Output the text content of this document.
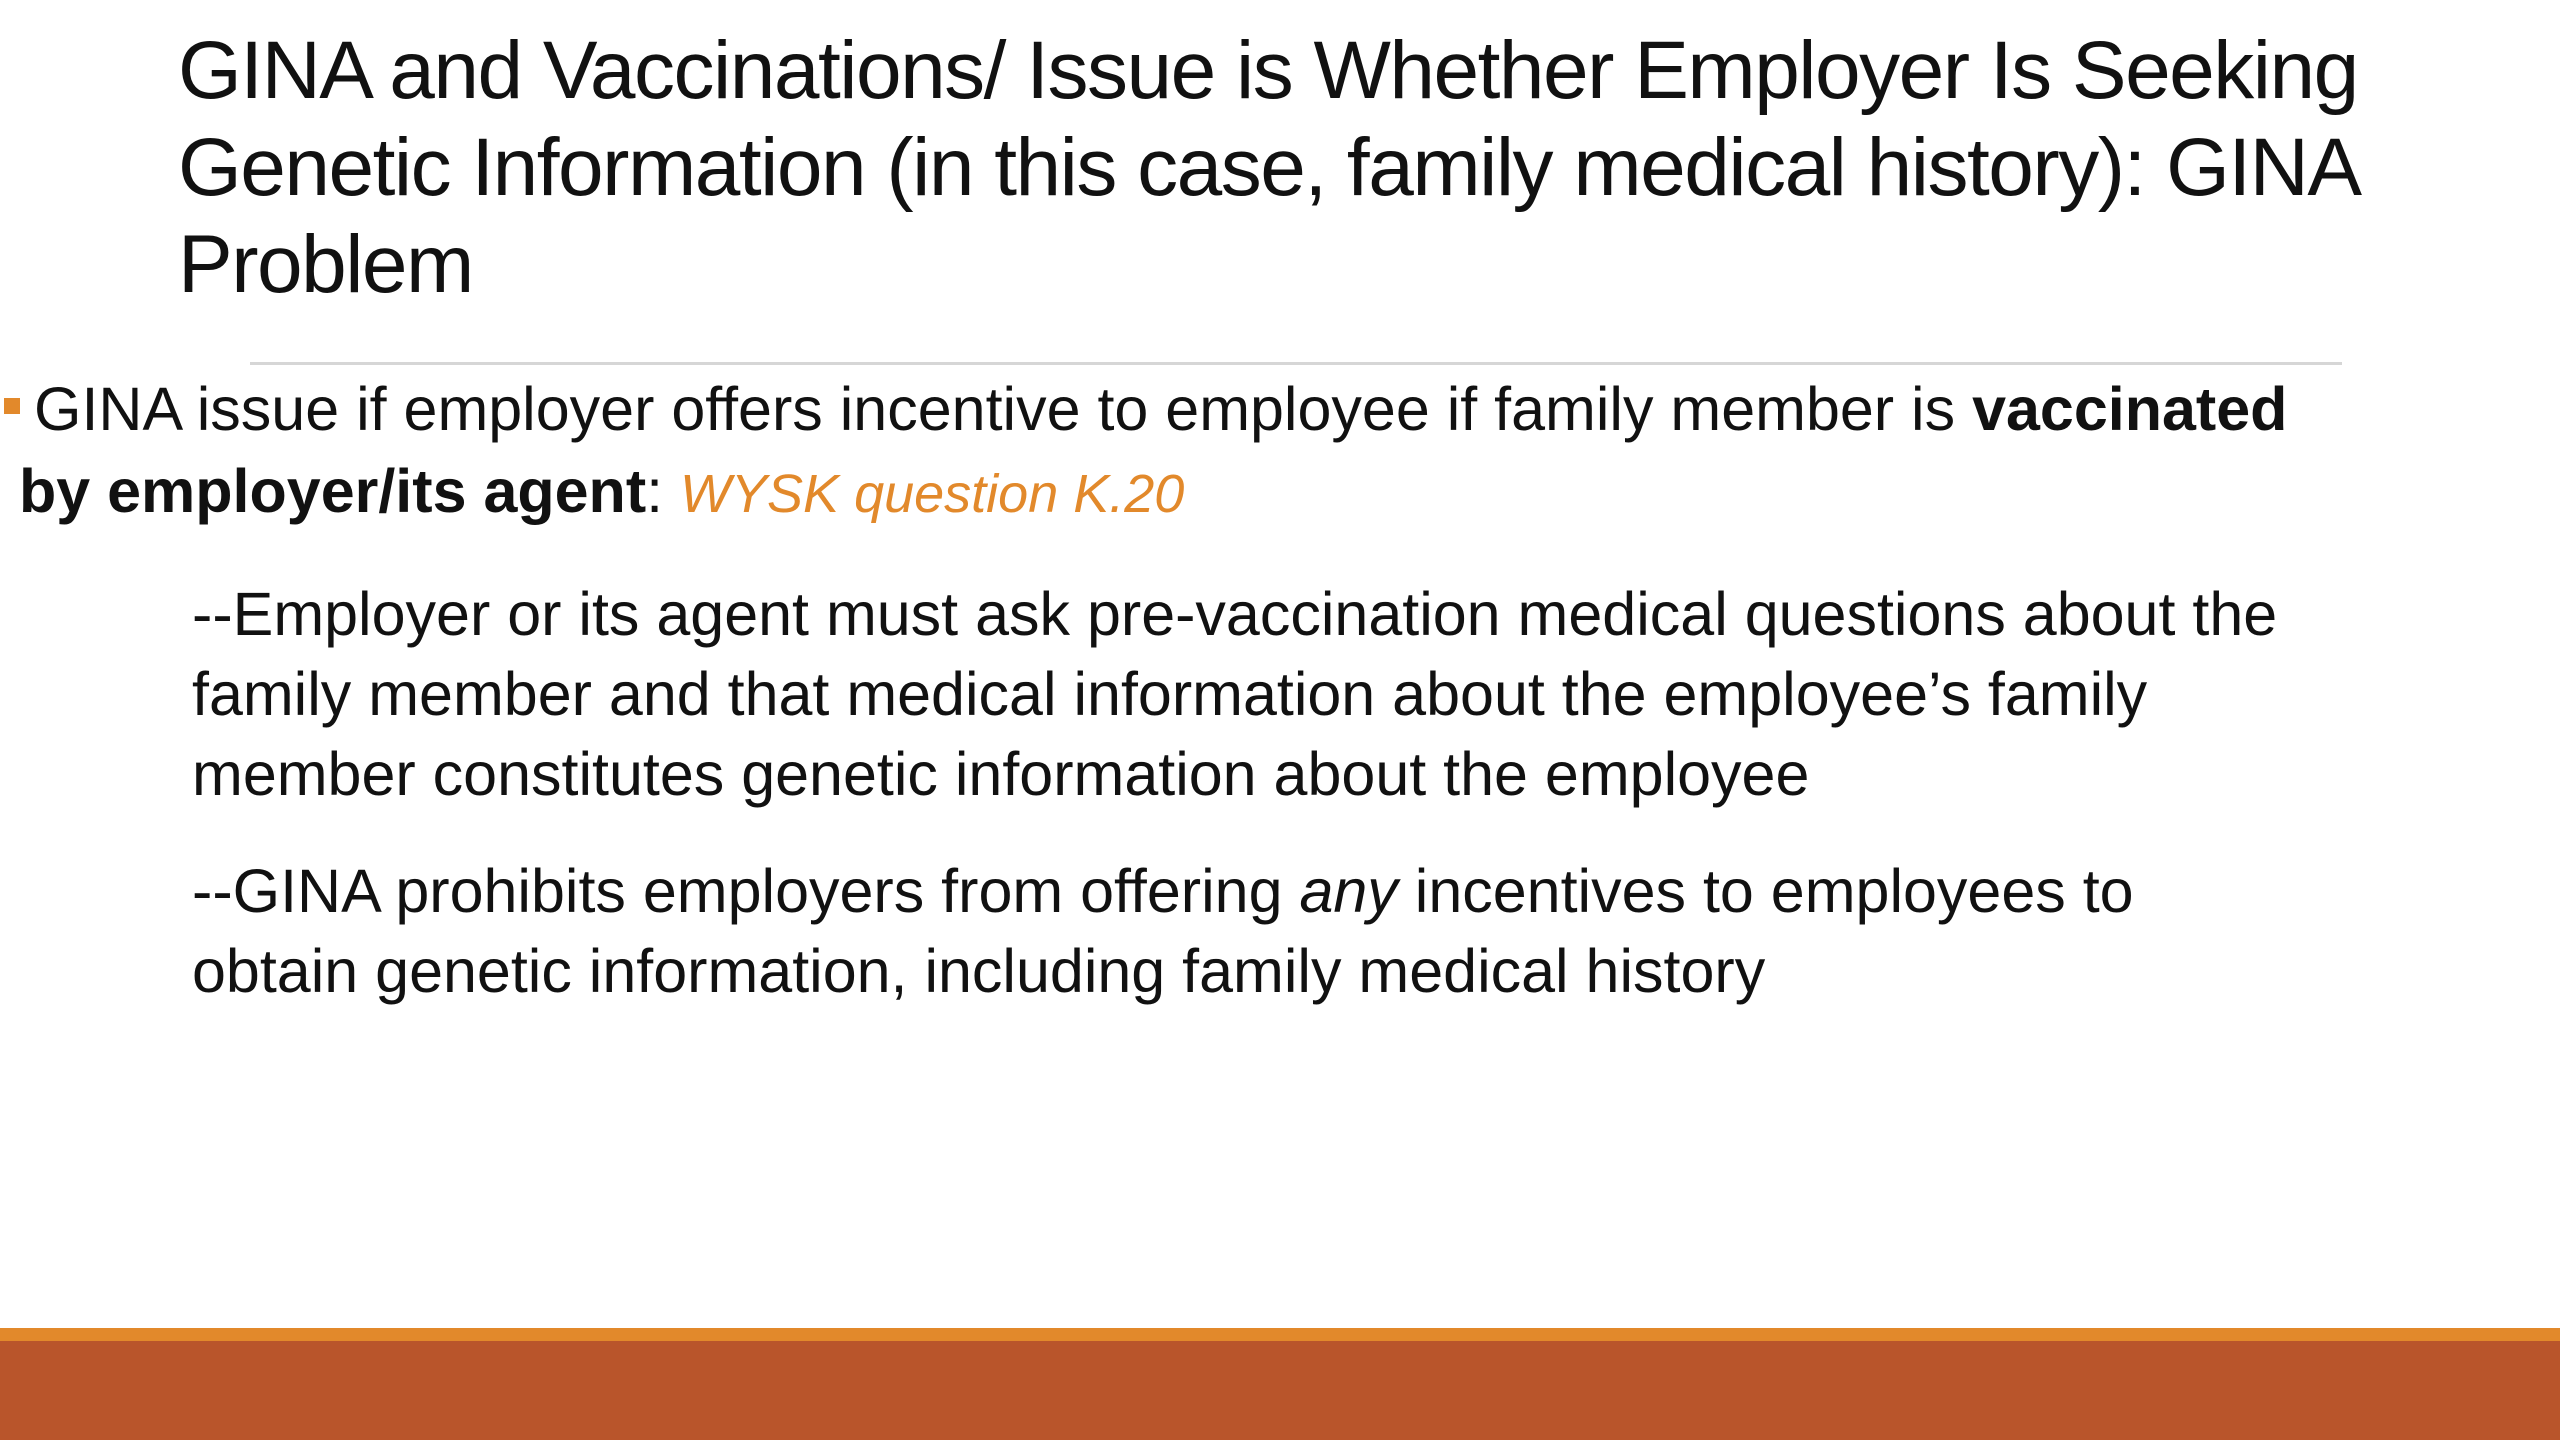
GINA and Vaccinations/ Issue is Whether Employer Is Seeking
Genetic Information (in this case, family medical history): GINA
Problem
GINA issue if employer offers incentive to employee if family member is vaccinated
by employer/its agent: WYSK question K.20
--Employer or its agent must ask pre-vaccination medical questions about the
family member and that medical information about the employee’s family
member constitutes genetic information about the employee
--GINA prohibits employers from offering any incentives to employees to
obtain genetic information, including family medical history
